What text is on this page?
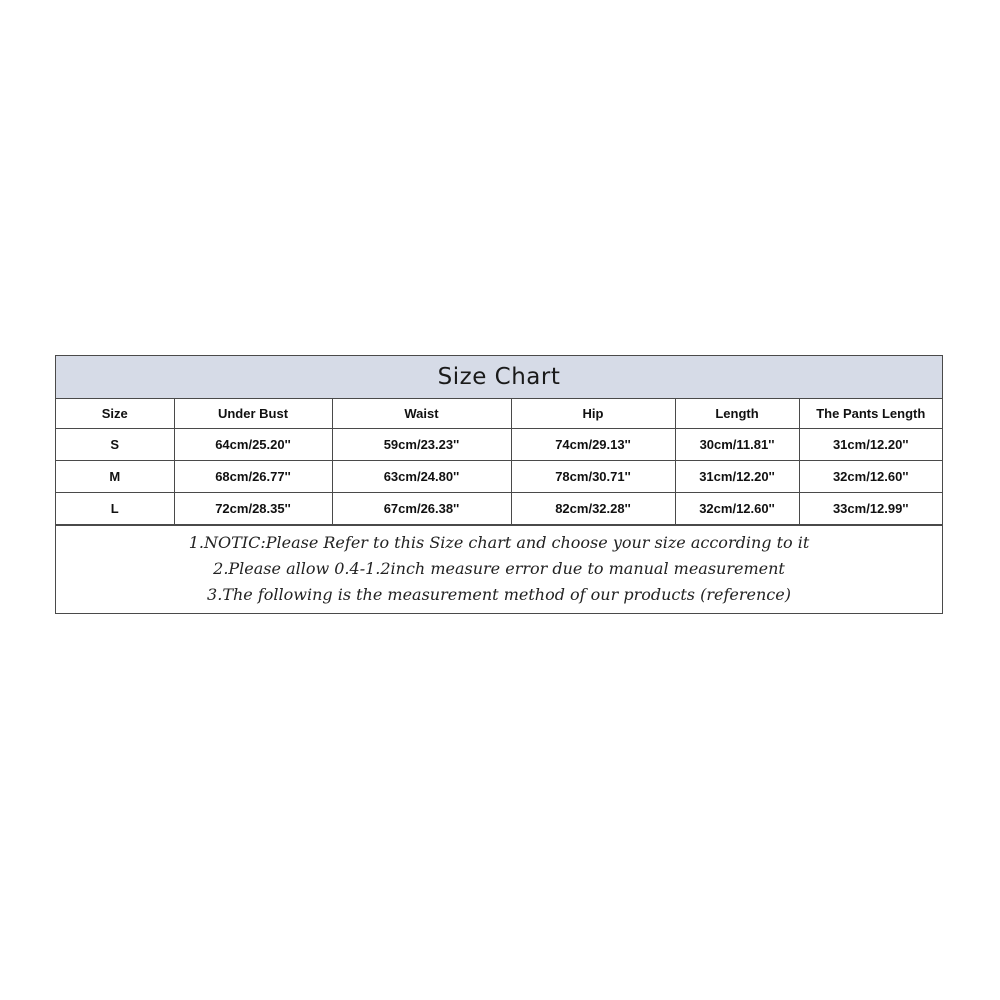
Size Chart
Size	Under Bust	Waist	Hip	Length	The Pants Length
S	64cm/25.20''	59cm/23.23''	74cm/29.13''	30cm/11.81''	31cm/12.20''
M	68cm/26.77''	63cm/24.80''	78cm/30.71''	31cm/12.20''	32cm/12.60''
L	72cm/28.35''	67cm/26.38''	82cm/32.28''	32cm/12.60''	33cm/12.99''
1.NOTIC:Please Refer to this Size chart and choose your size according to it
2.Please allow 0.4-1.2inch measure error due to manual measurement
3.The following is the measurement method of our products (reference)
